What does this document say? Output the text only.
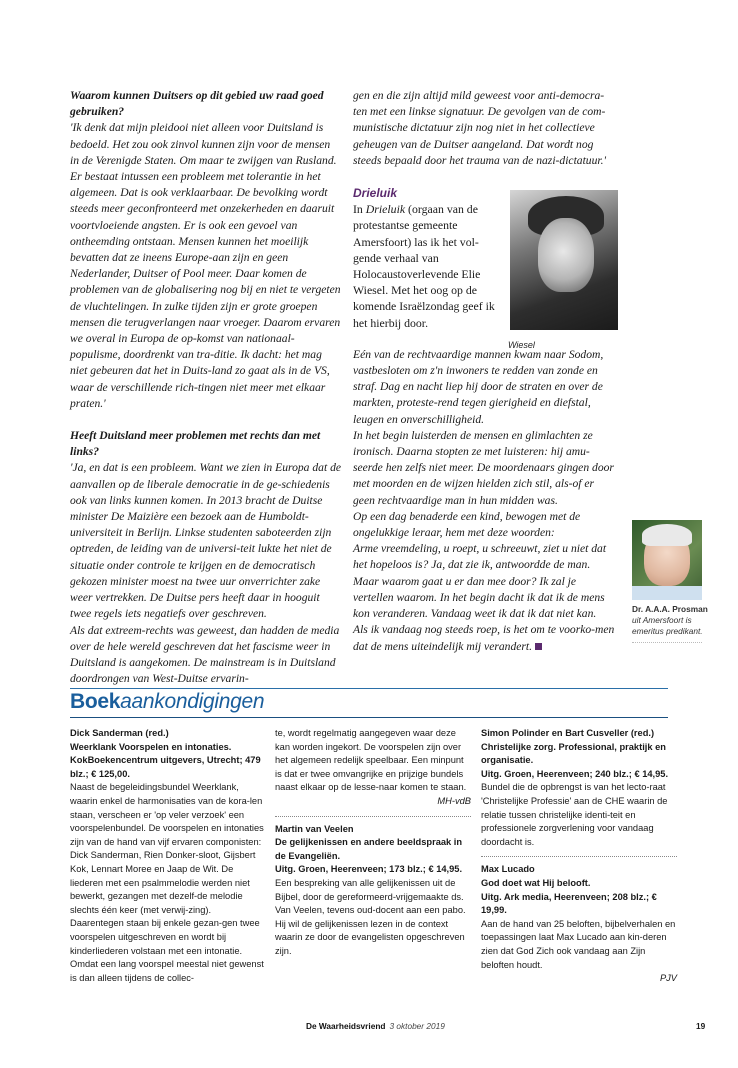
Waarom kunnen Duitsers op dit gebied uw raad goed gebruiken?

'Ik denk dat mijn pleidooi niet alleen voor Duitsland is bedoeld. Het zou ook zinvol kunnen zijn voor de mensen in de Verenigde Staten. Om maar te zwijgen van Rusland. Er bestaat intussen een probleem met tolerantie in het algemeen. Dat is ook verklaarbaar. De bevolking wordt steeds meer geconfronteerd met onzekerheden en daaruit voortvloeiende angsten. Er is ook een gevoel van ontheemding ontstaan. Mensen kunnen het moeilijk bevatten dat ze ineens Europe-aan zijn en geen Nederlander, Duitser of Pool meer. Daar komen de problemen van de globalisering nog bij en niet te vergeten de vluchtelingen. In zulke tijden zijn er grote groepen mensen die terugverlangen naar vroeger. Daarom ervaren we overal in Europa de op-komst van nationaal-populisme, doordrenkt van tra-ditie. Ik dacht: het mag niet gebeuren dat het in Duits-land zo gaat als in de VS, waar de verschillende rich-tingen niet meer met elkaar praten.'

Heeft Duitsland meer problemen met rechts dan met links?

'Ja, en dat is een probleem. Want we zien in Europa dat de aanvallen op de liberale democratie in de ge-schiedenis ook van links kunnen komen. In 2013 bracht de Duitse minister De Maizière een bezoek aan de Humboldt-universiteit in Berlijn. Linkse studenten saboteerden zijn optreden, de leiding van de universi-teit lukte het niet de situatie onder controle te krijgen en de democratisch gekozen minister moest na twee uur onverrichter zake weer vertrekken. De Duitse pers heeft daar in hooguit twee regels iets negatiefs over geschreven.

Als dat extreem-rechts was geweest, dan hadden de media over de hele wereld geschreven dat het fascisme weer in Duitsland is aangekomen. De mainstream is in Duitsland doordrongen van West-Duitse ervarin-

gen en die zijn altijd mild geweest voor anti-democra-ten met een linkse signatuur. De gevolgen van de com-munistische dictatuur zijn nog niet in het collectieve geheugen van de Duitser aangeland. Dat wordt nog steeds bepaald door het trauma van de nazi-dictatuur.'

Drieluik

In Drieluik (orgaan van de protestantse gemeente Amersfoort) las ik het vol-gende verhaal van Holocaustoverlevende Elie Wiesel. Met het oog op de komende Israëlzondag geef ik het hierbij door.

Eén van de rechtvaardige mannen kwam naar Sodom, vastbesloten om z'n inwoners te redden van zonde en straf. Dag en nacht liep hij door de straten en over de markten, proteste-rend tegen gierigheid en diefstal, leugen en onverschilligheid.

In het begin luisterden de mensen en glimlachten ze ironisch. Daarna stopten ze met luisteren: hij amu-seerde hen zelfs niet meer. De moordenaars gingen door met moorden en de wijzen hielden zich stil, als-of er geen rechtvaardige man in hun midden was.

Op een dag benaderde een kind, bewogen met de ongelukkige leraar, hem met deze woorden:

Arme vreemdeling, u roept, u schreeuwt, ziet u niet dat het hopeloos is? Ja, dat zie ik, antwoordde de man. Maar waarom gaat u er dan mee door? Ik zal je vertellen waarom. In het begin dacht ik dat ik de mens kon veranderen. Vandaag weet ik dat ik dat niet kan.

Als ik vandaag nog steeds roep, is het om te voorko-men dat de mens uiteindelijk mij verandert.

Wiesel
Dr. A.A.A. Prosman
uit Amersfoort is emeritus predikant.
Boekaankondigingen

Dick Sanderman (red.)

Weerklank Voorspelen en intonaties.

KokBoekencentrum uitgevers, Utrecht; 479 blz.; € 125,00.

Naast de begeleidingsbundel Weerklank, waarin enkel de harmonisaties van de kora-len staan, verscheen er 'op veler verzoek' een voorspelenbundel. De voorspelen en intonaties zijn van de hand van vijf ervaren componisten: Dick Sanderman, Rien Donker-sloot, Gijsbert Kok, Lennart Moree en Jaap de Wit. De liederen met een psalmmelodie werden niet bewerkt, gezangen met dezelf-de melodie slechts één keer (met verwij-zing). Daarentegen staan bij enkele gezan-gen twee voorspelen uitgeschreven en wordt bij kinderliederen volstaan met een intonatie. Omdat een lang voorspel meestal niet gewenst is dan alleen tijdens de collec-

te, wordt regelmatig aangegeven waar deze kan worden ingekort. De voorspelen zijn over het algemeen redelijk speelbaar. Een minpunt is dat er twee omvangrijke en prijzige bundels naast elkaar op de lesse-naar komen te staan.

MH-vdB

Martin van Veelen

De gelijkenissen en andere beeldspraak in de Evangeliën.

Uitg. Groen, Heerenveen; 173 blz.; € 14,95.

Een bespreking van alle gelijkenissen uit de Bijbel, door de gereformeerd-vrijgemaakte ds. Van Veelen, tevens oud-docent aan een pabo. Hij wil de gelijkenissen lezen in de context waarin ze door de evangelisten opgeschreven zijn.

Simon Polinder en Bart Cusveller (red.)

Christelijke zorg. Professional, praktijk en organisatie.

Uitg. Groen, Heerenveen; 240 blz.; € 14,95.

Bundel die de opbrengst is van het lecto-raat 'Christelijke Professie' aan de CHE waarin de relatie tussen christelijke identi-teit en professionele zorgverlening voor vandaag doordacht is.

Max Lucado

God doet wat Hij belooft.

Uitg. Ark media, Heerenveen; 208 blz.; € 19,99.

Aan de hand van 25 beloften, bijbelverhalen en toepassingen laat Max Lucado aan kin-deren zien dat God Zich ook vandaag aan Zijn beloften houdt.

PJV

De Waarheidsvriend 3 oktober 2019	19
